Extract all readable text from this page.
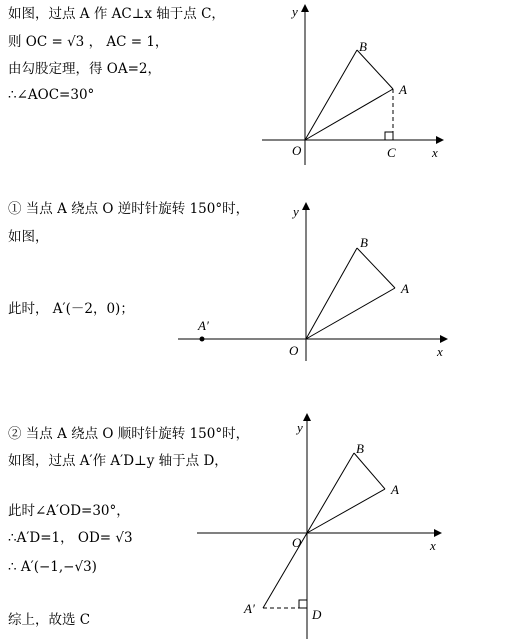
如图，过点 A 作 AC⊥x 轴于点 C，
则 OC = √3 ， AC = 1，
由勾股定理，得 OA=2，
∴∠AOC=30°
y
x
O
B
A
C
① 当点 A 绕点 O 逆时针旋转 150°时，
如图，
此时， A′(－2，0)；
y
x
O
B
A
A′
② 当点 A 绕点 O 顺时针旋转 150°时，
如图，过点 A′作 A′D⊥y 轴于点 D，
此时∠A′OD=30°，
∴A′D=1， OD= √3
∴ A′(−1,−√3)
综上，故选 C
y
x
O
B
A
A′	D
